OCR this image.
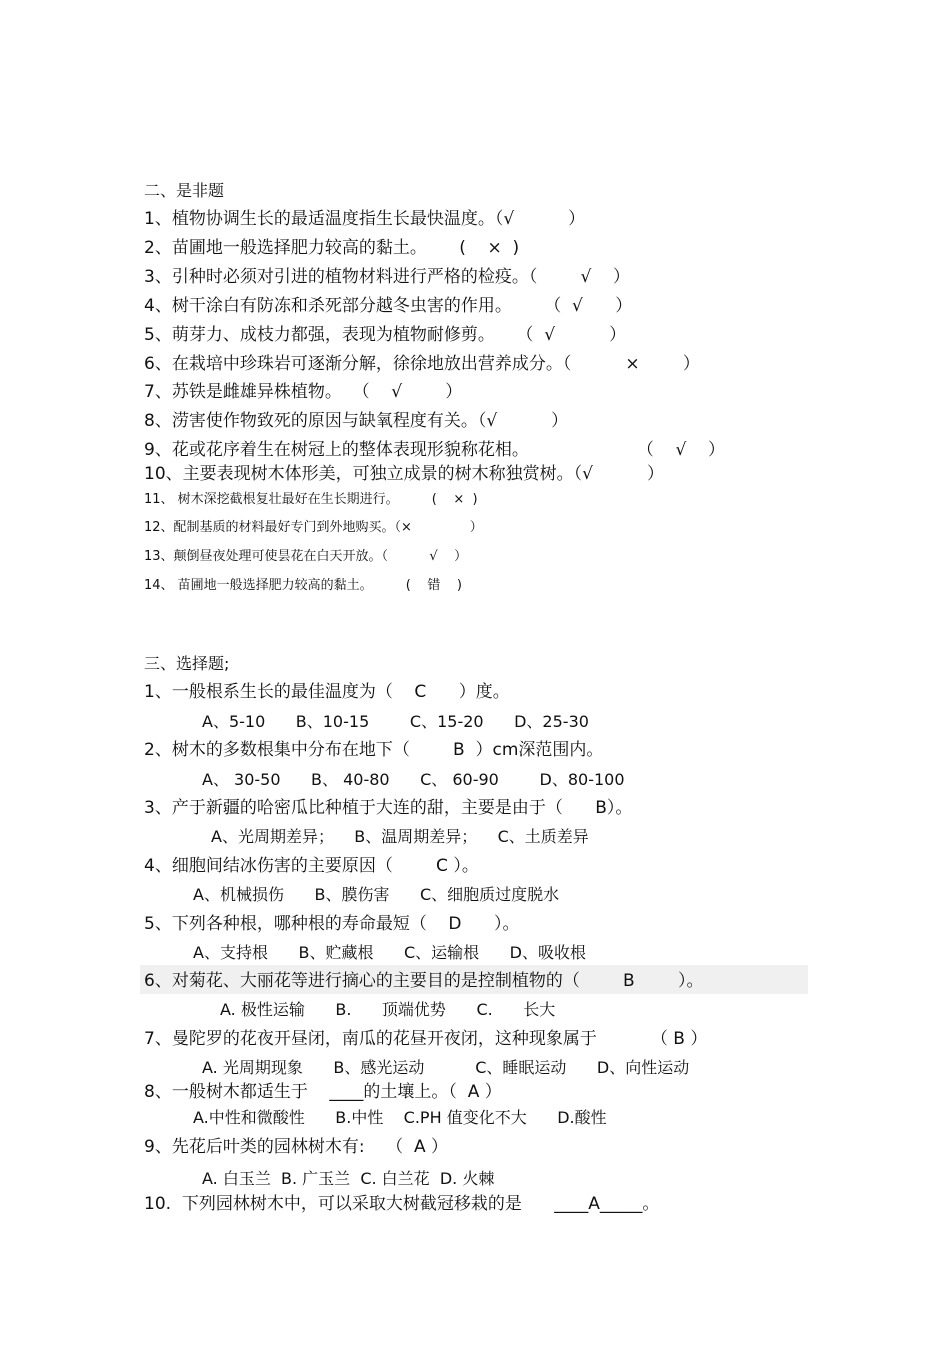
二、是非题
1、植物协调生长的最适温度指生长最快温度。（√          ）
2、苗圃地一般选择肥力较高的黏土。      (    ×  )
3、引种时必须对引进的植物材料进行严格的检疫。（        √    ）
4、树干涂白有防冻和杀死部分越冬虫害的作用。      （  √      ）
5、萌芽力、成枝力都强，表现为植物耐修剪。    （  √          ）
6、在栽培中珍珠岩可逐渐分解，徐徐地放出营养成分。（          ×        ）
7、苏铁是雌雄异株植物。  （    √        ）
8、涝害使作物致死的原因与缺氧程度有关。（√          ）
9、花或花序着生在树冠上的整体表现形貌称花相。                    （    √    ）
10、主要表现树木体形美，可独立成景的树木称独赏树。（√          ）
11、 树木深挖截根复壮最好在生长期进行。        (    ×  )
12、配制基质的材料最好专门到外地购买。（×              ）
13、颠倒昼夜处理可使昙花在白天开放。（          √    ）
14、 苗圃地一般选择肥力较高的黏土。        (    错    )
三、选择题;
1、一般根系生长的最佳温度为（    C      ）度。
A、5-10      B、10-15        C、15-20      D、25-30
2、树木的多数根集中分布在地下（        B  ）cm深范围内。
A、 30-50      B、 40-80      C、 60-90        D、80-100
3、产于新疆的哈密瓜比种植于大连的甜，主要是由于（      B）。
A、光周期差异；    B、温周期差异；    C、土质差异
4、细胞间结冰伤害的主要原因（        C ）。
A、机械损伤      B、膜伤害      C、细胞质过度脱水
5、下列各种根，哪种根的寿命最短（    D      ）。
A、支持根      B、贮藏根      C、运输根      D、吸收根
6、对菊花、大丽花等进行摘心的主要目的是控制植物的（        B        ）。
A. 极性运输      B.      顶端优势      C.      长大
7、曼陀罗的花夜开昼闭，南瓜的花昼开夜闭，这种现象属于          （ B ）
A. 光周期现象      B、感光运动          C、睡眠运动      D、向性运动
8、一般树木都适生于    ____的土壤上。（  A ）
A.中性和微酸性      B.中性    C.PH 值变化不大      D.酸性
9、先花后叶类的园林树木有:    （  A ）
A. 白玉兰  B. 广玉兰  C. 白兰花  D. 火棘
10.  下列园林树木中，可以采取大树截冠移栽的是      ____A_____。
